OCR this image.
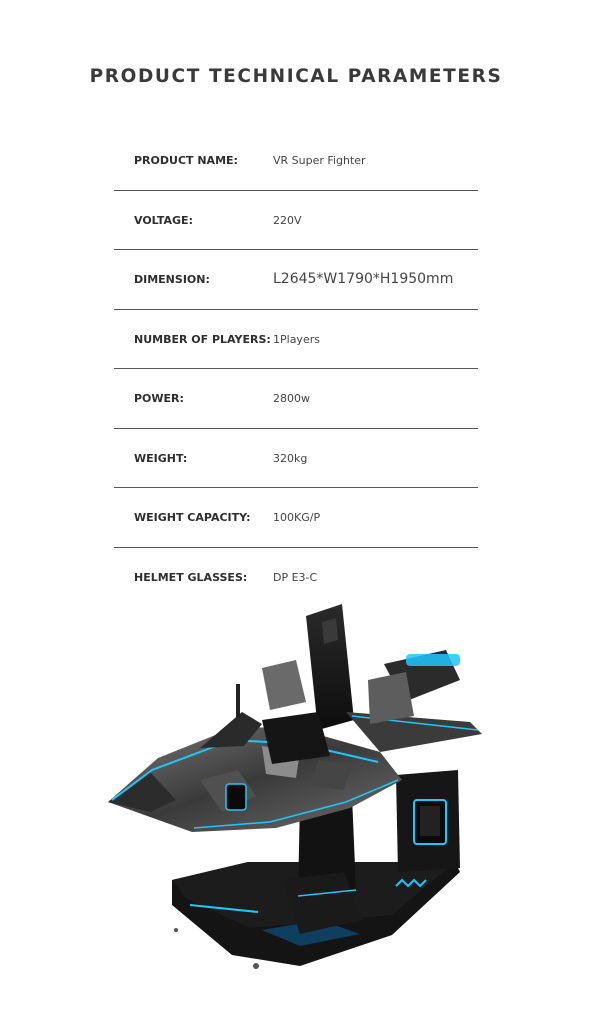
PRODUCT TECHNICAL PARAMETERS
PRODUCT NAME:	VR Super Fighter
VOLTAGE:	220V
DIMENSION:	L2645*W1790*H1950mm
NUMBER OF PLAYERS: 1Players
POWER:	2800w
WEIGHT:	320kg
WEIGHT CAPACITY: 100KG/P
HELMET GLASSES: DP E3-C
